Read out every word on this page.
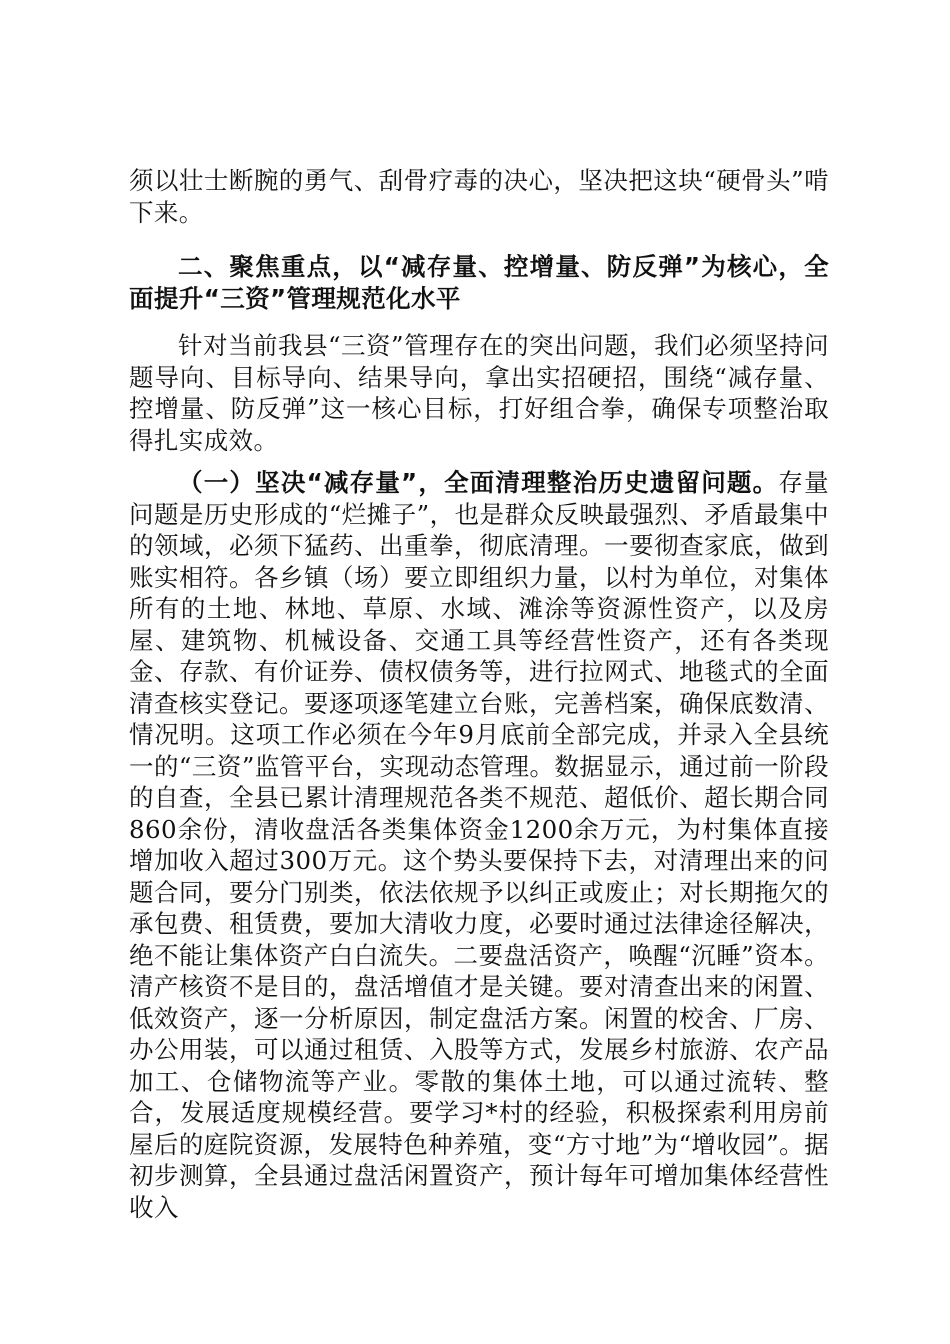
须以壮士断腕的勇气、刮骨疗毒的决心，坚决把这块“硬骨头”啃下来。
二、聚焦重点，以“减存量、控增量、防反弹”为核心，全面提升“三资”管理规范化水平
针对当前我县“三资”管理存在的突出问题，我们必须坚持问题导向、目标导向、结果导向，拿出实招硬招，围绕“减存量、控增量、防反弹”这一核心目标，打好组合拳，确保专项整治取得扎实成效。
（一）坚决“减存量”，全面清理整治历史遗留问题。存量问题是历史形成的“烂摊子”，也是群众反映最强烈、矛盾最集中的领域，必须下猛药、出重拳，彻底清理。一要彻查家底，做到账实相符。各乡镇（场）要立即组织力量，以村为单位，对集体所有的土地、林地、草原、水域、滩涂等资源性资产，以及房屋、建筑物、机械设备、交通工具等经营性资产，还有各类现金、存款、有价证券、债权债务等，进行拉网式、地毯式的全面清查核实登记。要逐项逐笔建立台账，完善档案，确保底数清、情况明。这项工作必须在今年9月底前全部完成，并录入全县统一的“三资”监管平台，实现动态管理。数据显示，通过前一阶段的自查，全县已累计清理规范各类不规范、超低价、超长期合同860余份，清收盘活各类集体资金1200余万元，为村集体直接增加收入超过300万元。这个势头要保持下去，对清理出来的问题合同，要分门别类，依法依规予以纠正或废止；对长期拖欠的承包费、租赁费，要加大清收力度，必要时通过法律途径解决，绝不能让集体资产白白流失。二要盘活资产，唤醒“沉睡”资本。清产核资不是目的，盘活增值才是关键。要对清查出来的闲置、低效资产，逐一分析原因，制定盘活方案。闲置的校舍、厂房、办公用装，可以通过租赁、入股等方式，发展乡村旅游、农产品加工、仓储物流等产业。零散的集体土地，可以通过流转、整合，发展适度规模经营。要学习*村的经验，积极探索利用房前屋后的庭院资源，发展特色种养殖，变“方寸地”为“增收园”。据初步测算，全县通过盘活闲置资产，预计每年可增加集体经营性收入
